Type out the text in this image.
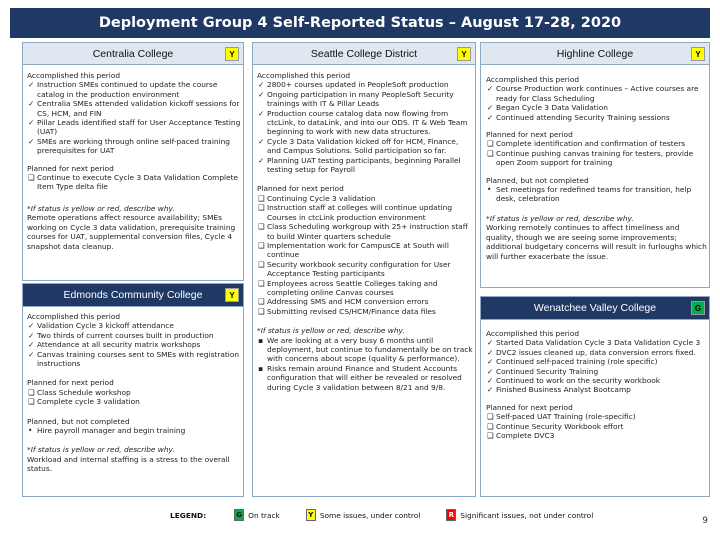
Deployment Group 4 Self-Reported Status – August 17-28, 2020
Centralia College	Y
Accomplished this period
✓ Instruction SMEs continued to update the course catalog in the production environment
✓ Centralia SMEs attended validation kickoff sessions for CS, HCM, and FIN
✓ Pillar Leads identified staff for User Acceptance Testing (UAT)
✓ SMEs are working through online self-paced training prerequisites for UAT
Planned for next period
❑ Continue to execute Cycle 3 Data Validation Complete Item Type delta file
*If status is yellow or red, describe why.
Remote operations affect resource availability; SMEs working on Cycle 3 data validation, prerequisite training courses for UAT, supplemental conversion files, Cycle 4 snapshot data cleanup.
Edmonds Community College	Y
Accomplished this period
✓ Validation Cycle 3 kickoff attendance
✓ Two thirds of current courses built in production
✓ Attendance at all security matrix workshops
✓ Canvas training courses sent to SMEs with registration instructions
Planned for next period
❑ Class Schedule workshop
❑ Complete cycle 3 validation
Planned, but not completed
• Hire payroll manager and begin training
*If status is yellow or red, describe why.
Workload and internal staffing is a stress to the overall status.
Seattle College District	Y
Accomplished this period
✓ 2800+ courses updated in PeopleSoft production
✓ Ongoing participation in many PeopleSoft Security trainings with IT & Pillar Leads
✓ Production course catalog data now flowing from ctcLink, to dataLink, and into our ODS. IT & Web Team beginning to work with new data structures.
✓ Cycle 3 Data Validation kicked off for HCM, Finance, and Campus Solutions. Solid participation so far.
✓ Planning UAT testing participants, beginning Parallel testing setup for Payroll
Planned for next period
❑ Continuing Cycle 3 validation
❑ Instruction staff at colleges will continue updating Courses in ctcLink production environment
❑ Class Scheduling workgroup with 25+ instruction staff to build Winter quarters schedule
❑ Implementation work for CampusCE at South will continue
❑ Security workbook security configuration for User Acceptance Testing participants
❑ Employees across Seattle Colleges taking and completing online Canvas courses
❑ Addressing SMS and HCM conversion errors
❑ Submitting revised CS/HCM/Finance data files
*If status is yellow or red, describe why.
▪ We are looking at a very busy 6 months until deployment, but continue to fundamentally be on track with concerns about scope (quality & performance).
▪ Risks remain around Finance and Student Accounts configuration that will either be revealed or resolved during Cycle 3 validation between 8/21 and 9/8.
Highline College	Y
Accomplished this period
✓ Course Production work continues – Active courses are ready for Class Scheduling
✓ Began Cycle 3 Data Validation
✓ Continued attending Security Training sessions
Planned for next period
❑ Complete identification and confirmation of testers
❑ Continue pushing canvas training for testers, provide open Zoom support for training
Planned, but not completed
• Set meetings for redefined teams for transition, help desk, celebration
*If status is yellow or red, describe why.
Working remotely continues to affect timeliness and quality, though we are seeing some improvements; additional budgetary concerns will result in furloughs which will further exacerbate the issue.
Wenatchee Valley College	G
Accomplished this period
✓ Started Data Validation Cycle 3 Data Validation Cycle 3
✓ DVC2 issues cleaned up, data conversion errors fixed.
✓ Continued self-paced training (role specific)
✓ Continued Security Training
✓ Continued to work on the security workbook
✓ Finished Business Analyst Bootcamp
Planned for next period
❑ Self-paced UAT Training (role-specific)
❑ Continue Security Workbook effort
❑ Complete DVC3
LEGEND:	G On track	Y Some issues, under control	R Significant issues, not under control
9
